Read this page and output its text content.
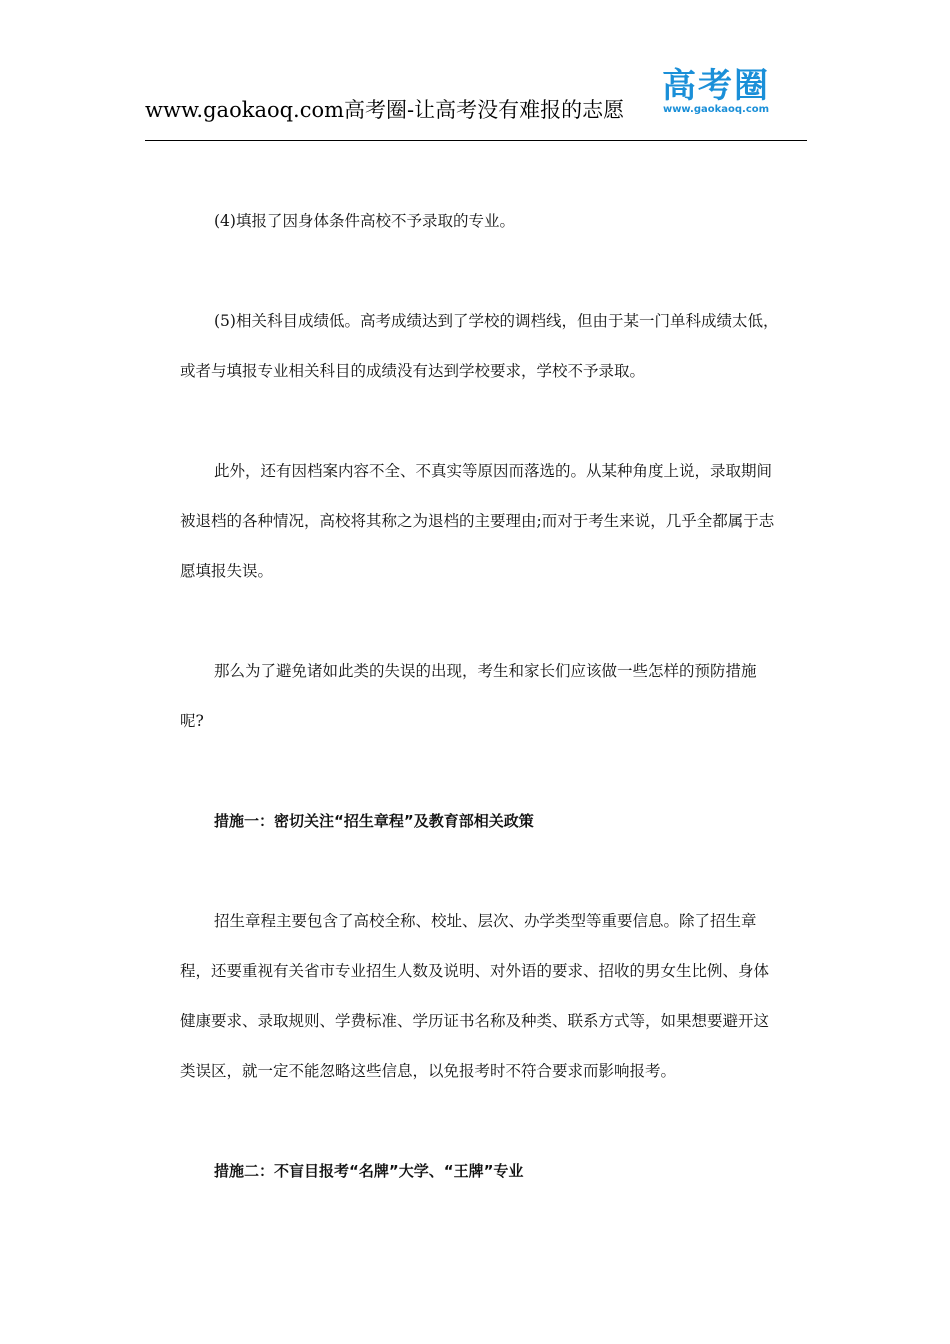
www.gaokaoq.com高考圈-让高考没有难报的志愿
高考圈
www.gaokaoq.com

(4)填报了因身体条件高校不予录取的专业。

(5)相关科目成绩低。高考成绩达到了学校的调档线，但由于某一门单科成绩太低，或者与填报专业相关科目的成绩没有达到学校要求，学校不予录取。

此外，还有因档案内容不全、不真实等原因而落选的。从某种角度上说，录取期间被退档的各种情况，高校将其称之为退档的主要理由;而对于考生来说，几乎全都属于志愿填报失误。

那么为了避免诸如此类的失误的出现，考生和家长们应该做一些怎样的预防措施呢?

措施一：密切关注“招生章程”及教育部相关政策

招生章程主要包含了高校全称、校址、层次、办学类型等重要信息。除了招生章程，还要重视有关省市专业招生人数及说明、对外语的要求、招收的男女生比例、身体健康要求、录取规则、学费标准、学历证书名称及种类、联系方式等，如果想要避开这类误区，就一定不能忽略这些信息，以免报考时不符合要求而影响报考。

措施二：不盲目报考“名牌”大学、“王牌”专业
